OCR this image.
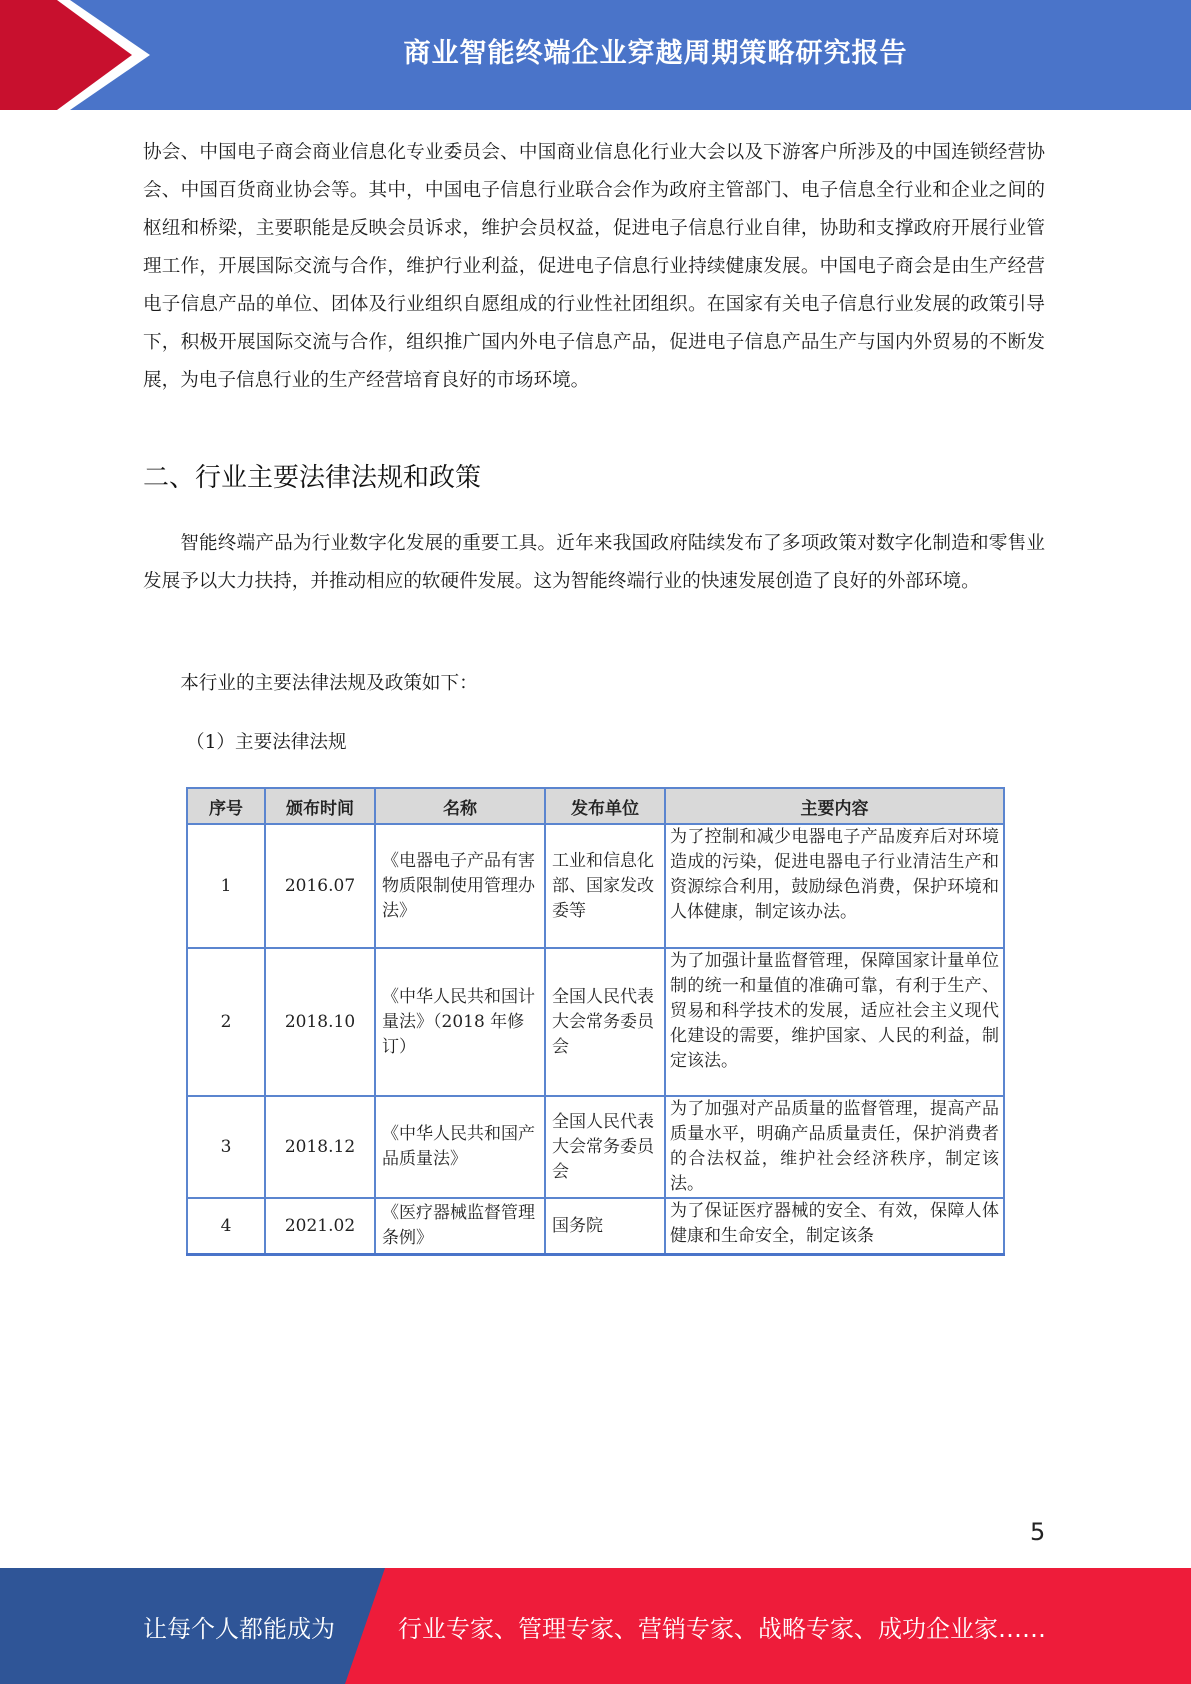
商业智能终端企业穿越周期策略研究报告

协会、中国电子商会商业信息化专业委员会、中国商业信息化行业大会以及下游客户所涉及的中国连锁经营协会、中国百货商业协会等。其中，中国电子信息行业联合会作为政府主管部门、电子信息全行业和企业之间的枢纽和桥梁，主要职能是反映会员诉求，维护会员权益，促进电子信息行业自律，协助和支撑政府开展行业管理工作，开展国际交流与合作，维护行业利益，促进电子信息行业持续健康发展。中国电子商会是由生产经营电子信息产品的单位、团体及行业组织自愿组成的行业性社团组织。在国家有关电子信息行业发展的政策引导下，积极开展国际交流与合作，组织推广国内外电子信息产品，促进电子信息产品生产与国内外贸易的不断发展，为电子信息行业的生产经营培育良好的市场环境。

二、行业主要法律法规和政策

智能终端产品为行业数字化发展的重要工具。近年来我国政府陆续发布了多项政策对数字化制造和零售业发展予以大力扶持，并推动相应的软硬件发展。这为智能终端行业的快速发展创造了良好的外部环境。

本行业的主要法律法规及政策如下：

（1）主要法律法规

序号	颁布时间	名称	发布单位	主要内容
1	2016.07	《电器电子产品有害物质限制使用管理办法》	工业和信息化部、国家发改委等	为了控制和减少电器电子产品废弃后对环境造成的污染，促进电器电子行业清洁生产和资源综合利用，鼓励绿色消费，保护环境和人体健康，制定该办法。
2	2018.10	《中华人民共和国计量法》（2018 年修订）	全国人民代表大会常务委员会	为了加强计量监督管理，保障国家计量单位制的统一和量值的准确可靠，有利于生产、贸易和科学技术的发展，适应社会主义现代化建设的需要，维护国家、人民的利益，制定该法。
3	2018.12	《中华人民共和国产品质量法》	全国人民代表大会常务委员会	为了加强对产品质量的监督管理，提高产品质量水平，明确产品质量责任，保护消费者的合法权益，维护社会经济秩序，制定该法。
4	2021.02	《医疗器械监督管理条例》	国务院	为了保证医疗器械的安全、有效，保障人体健康和生命安全，制定该条
5
让每个人都能成为	行业专家、管理专家、营销专家、战略专家、成功企业家……
